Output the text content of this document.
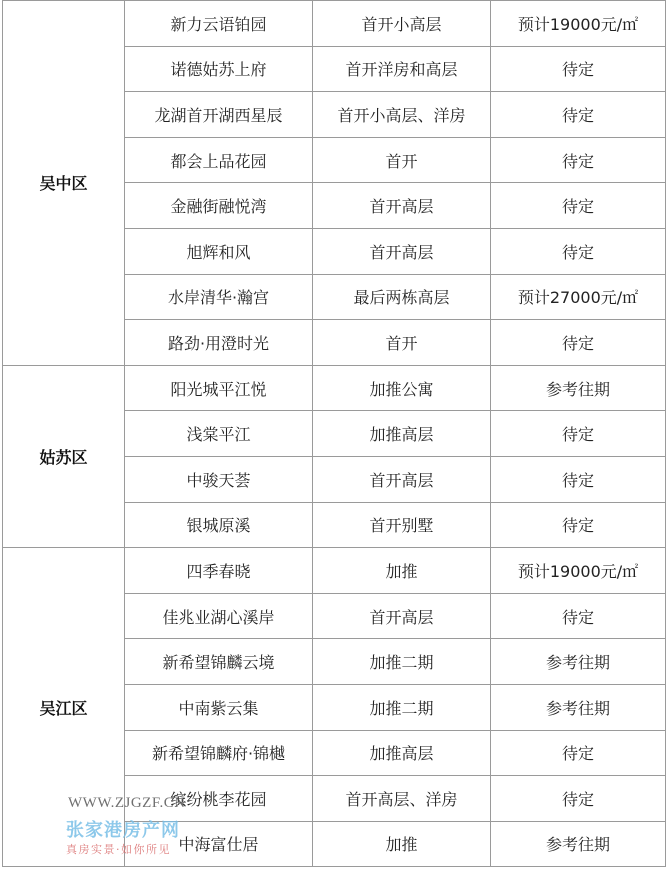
吴中区	新力云语铂园	首开小高层	预计19000元/㎡
	诺德姑苏上府	首开洋房和高层	待定
	龙湖首开湖西星辰	首开小高层、洋房	待定
	都会上品花园	首开	待定
	金融街融悦湾	首开高层	待定
	旭辉和风	首开高层	待定
	水岸清华·瀚宫	最后两栋高层	预计27000元/㎡
	路劲·用澄时光	首开	待定
姑苏区	阳光城平江悦	加推公寓	参考往期
	浅棠平江	加推高层	待定
	中骏天荟	首开高层	待定
	银城原溪	首开别墅	待定
吴江区	四季春晓	加推	预计19000元/㎡
	佳兆业湖心溪岸	首开高层	待定
	新希望锦麟云境	加推二期	参考往期
	中南紫云集	加推二期	参考往期
	新希望锦麟府·锦樾	加推高层	待定
	缤纷桃李花园	首开高层、洋房	待定
	中海富仕居	加推	参考往期
WWW.ZJGZF.CN
张家港房产网
真房实景·如你所见
